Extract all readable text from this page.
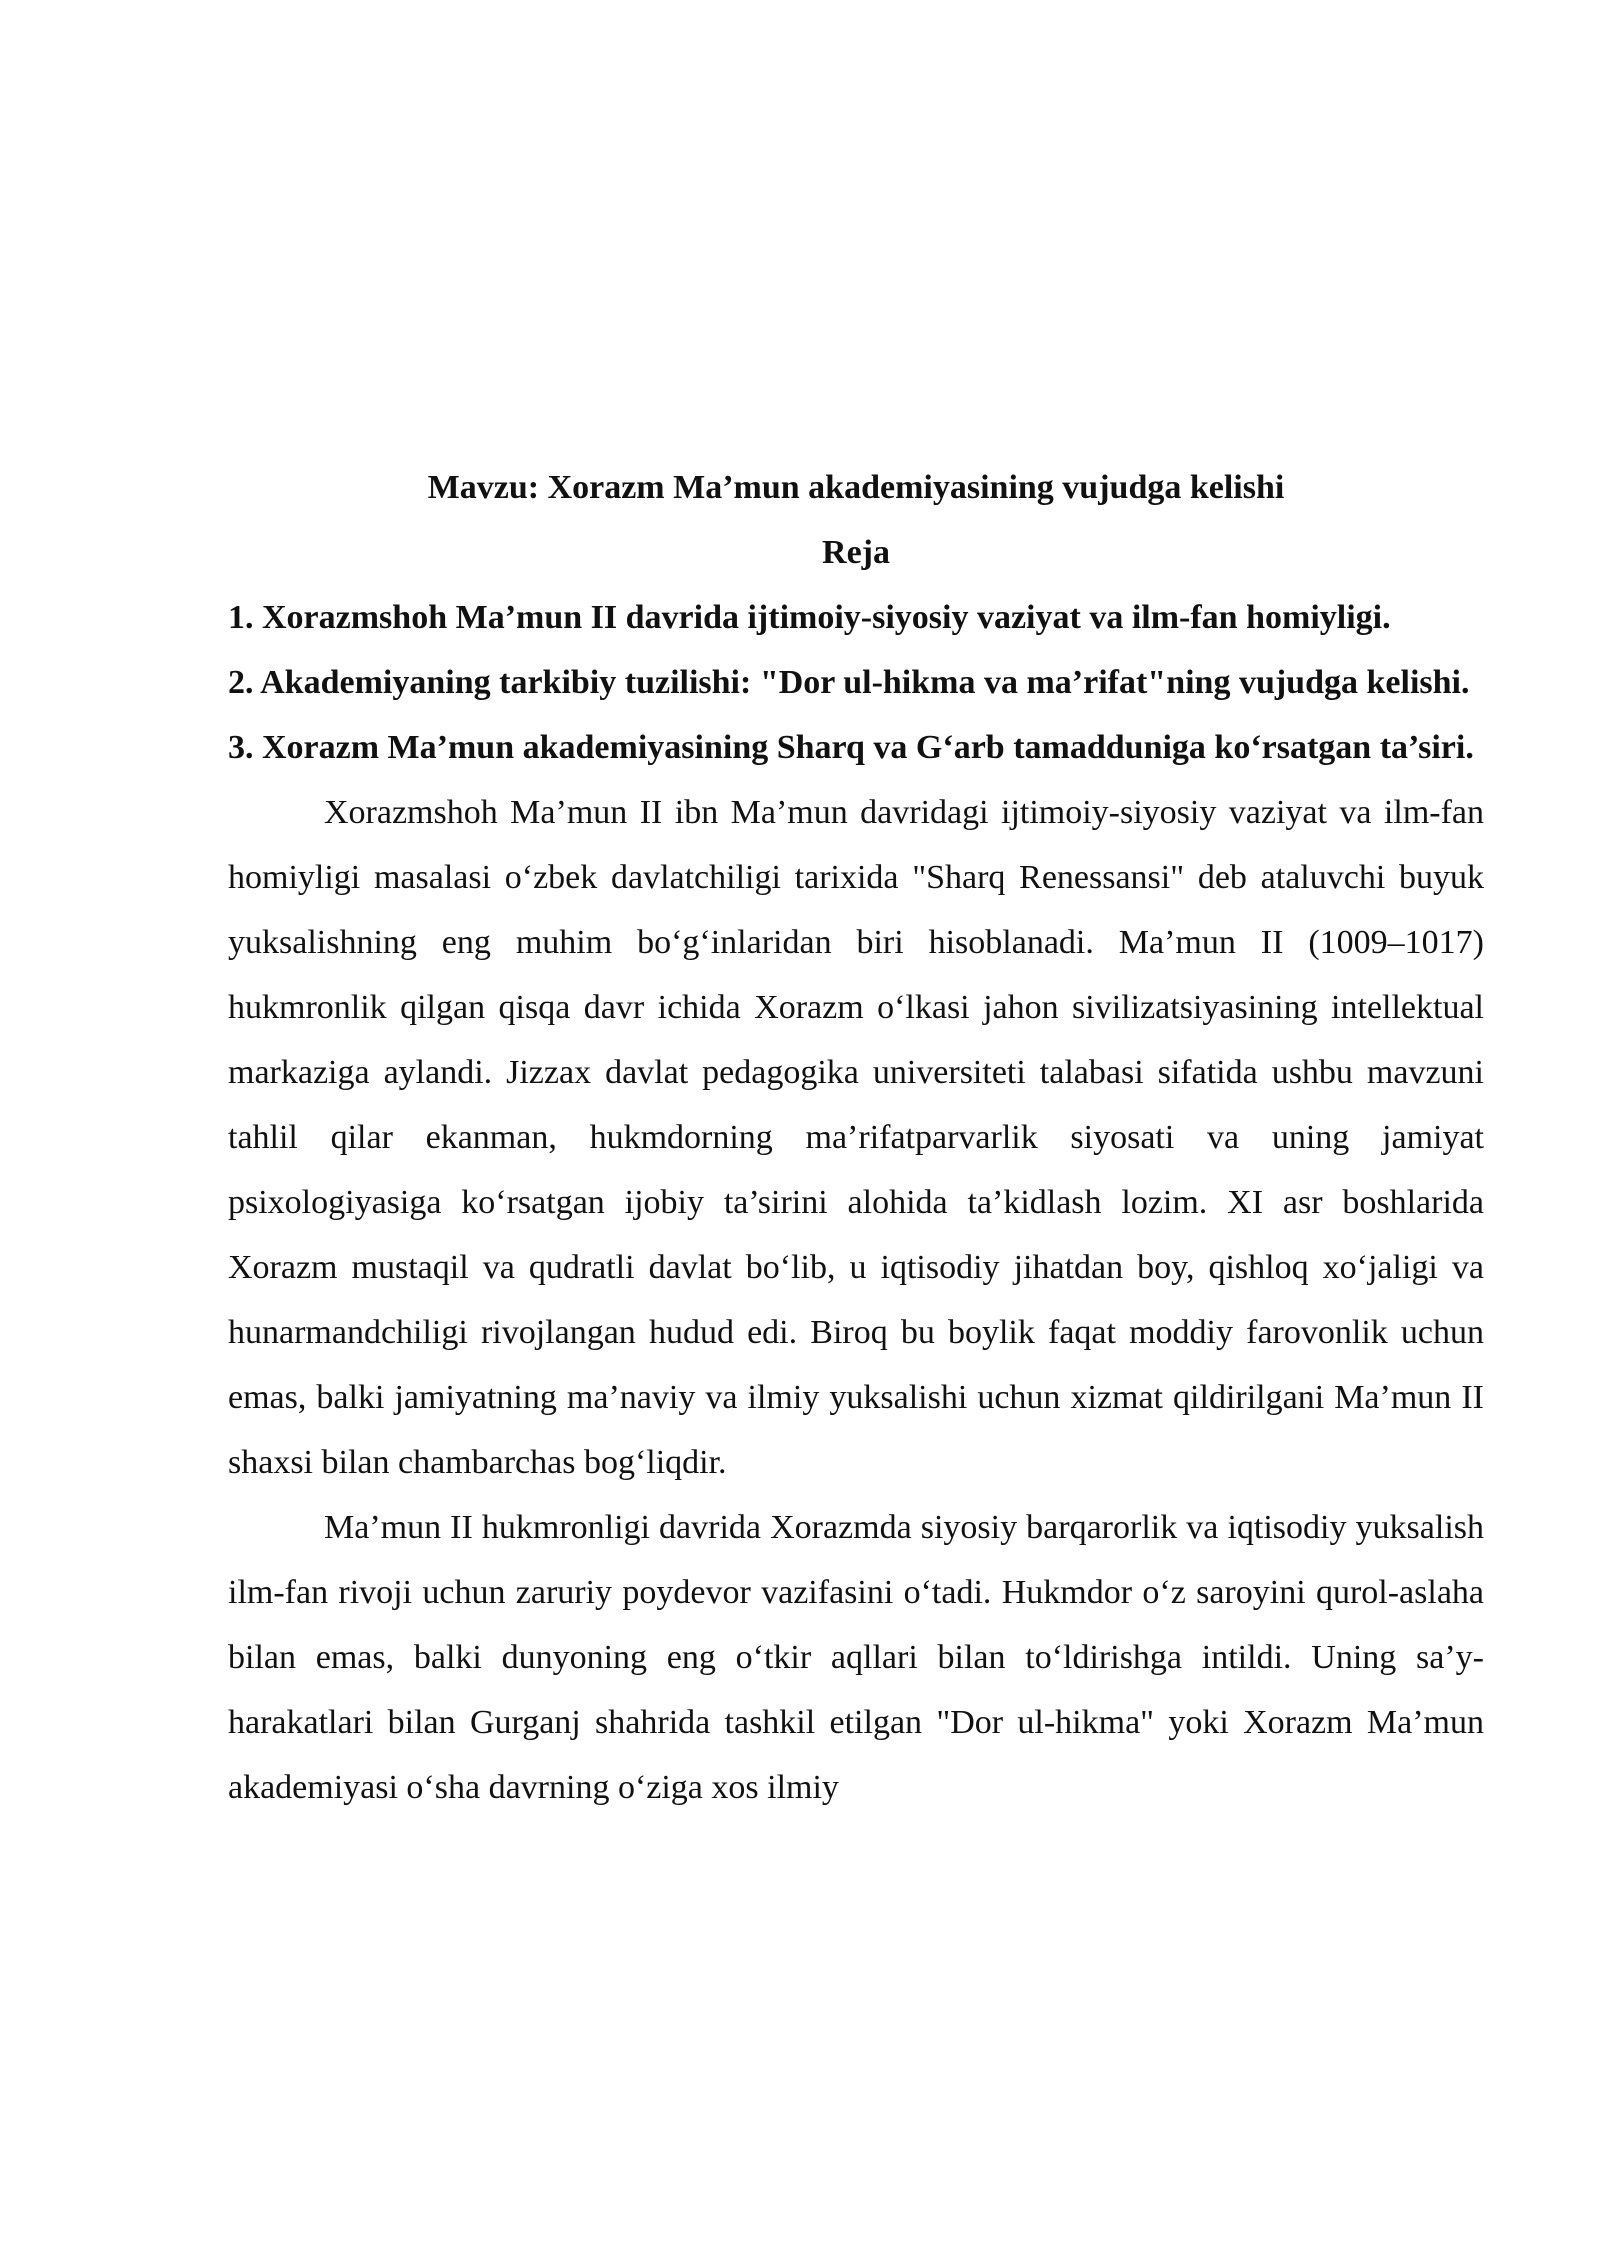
Mavzu: Xorazm Ma’mun akademiyasining vujudga kelishi

Reja

1. Xorazmshoh Ma’mun II davrida ijtimoiy-siyosiy vaziyat va ilm-fan homiyligi.

2. Akademiyaning tarkibiy tuzilishi: "Dor ul-hikma va ma’rifat"ning vujudga kelishi.

3. Xorazm Ma’mun akademiyasining Sharq va G‘arb tamadduniga ko‘rsatgan ta’siri.

Xorazmshoh Ma’mun II ibn Ma’mun davridagi ijtimoiy-siyosiy vaziyat va ilm-fan homiyligi masalasi o‘zbek davlatchiligi tarixida "Sharq Renessansi" deb ataluvchi buyuk yuksalishning eng muhim bo‘g‘inlaridan biri hisoblanadi. Ma’mun II (1009–1017) hukmronlik qilgan qisqa davr ichida Xorazm o‘lkasi jahon sivilizatsiyasining intellektual markaziga aylandi. Jizzax davlat pedagogika universiteti talabasi sifatida ushbu mavzuni tahlil qilar ekanman, hukmdorning ma’rifatparvarlik siyosati va uning jamiyat psixologiyasiga ko‘rsatgan ijobiy ta’sirini alohida ta’kidlash lozim. XI asr boshlarida Xorazm mustaqil va qudratli davlat bo‘lib, u iqtisodiy jihatdan boy, qishloq xo‘jaligi va hunarmandchiligi rivojlangan hudud edi. Biroq bu boylik faqat moddiy farovonlik uchun emas, balki jamiyatning ma’naviy va ilmiy yuksalishi uchun xizmat qildirilgani Ma’mun II shaxsi bilan chambarchas bog‘liqdir.

Ma’mun II hukmronligi davrida Xorazmda siyosiy barqarorlik va iqtisodiy yuksalish ilm-fan rivoji uchun zaruriy poydevor vazifasini o‘tadi. Hukmdor o‘z saroyini qurol-aslaha bilan emas, balki dunyoning eng o‘tkir aqllari bilan to‘ldirishga intildi. Uning sa’y-harakatlari bilan Gurganj shahrida tashkil etilgan "Dor ul-hikma" yoki Xorazm Ma’mun akademiyasi o‘sha davrning o‘ziga xos ilmiy
